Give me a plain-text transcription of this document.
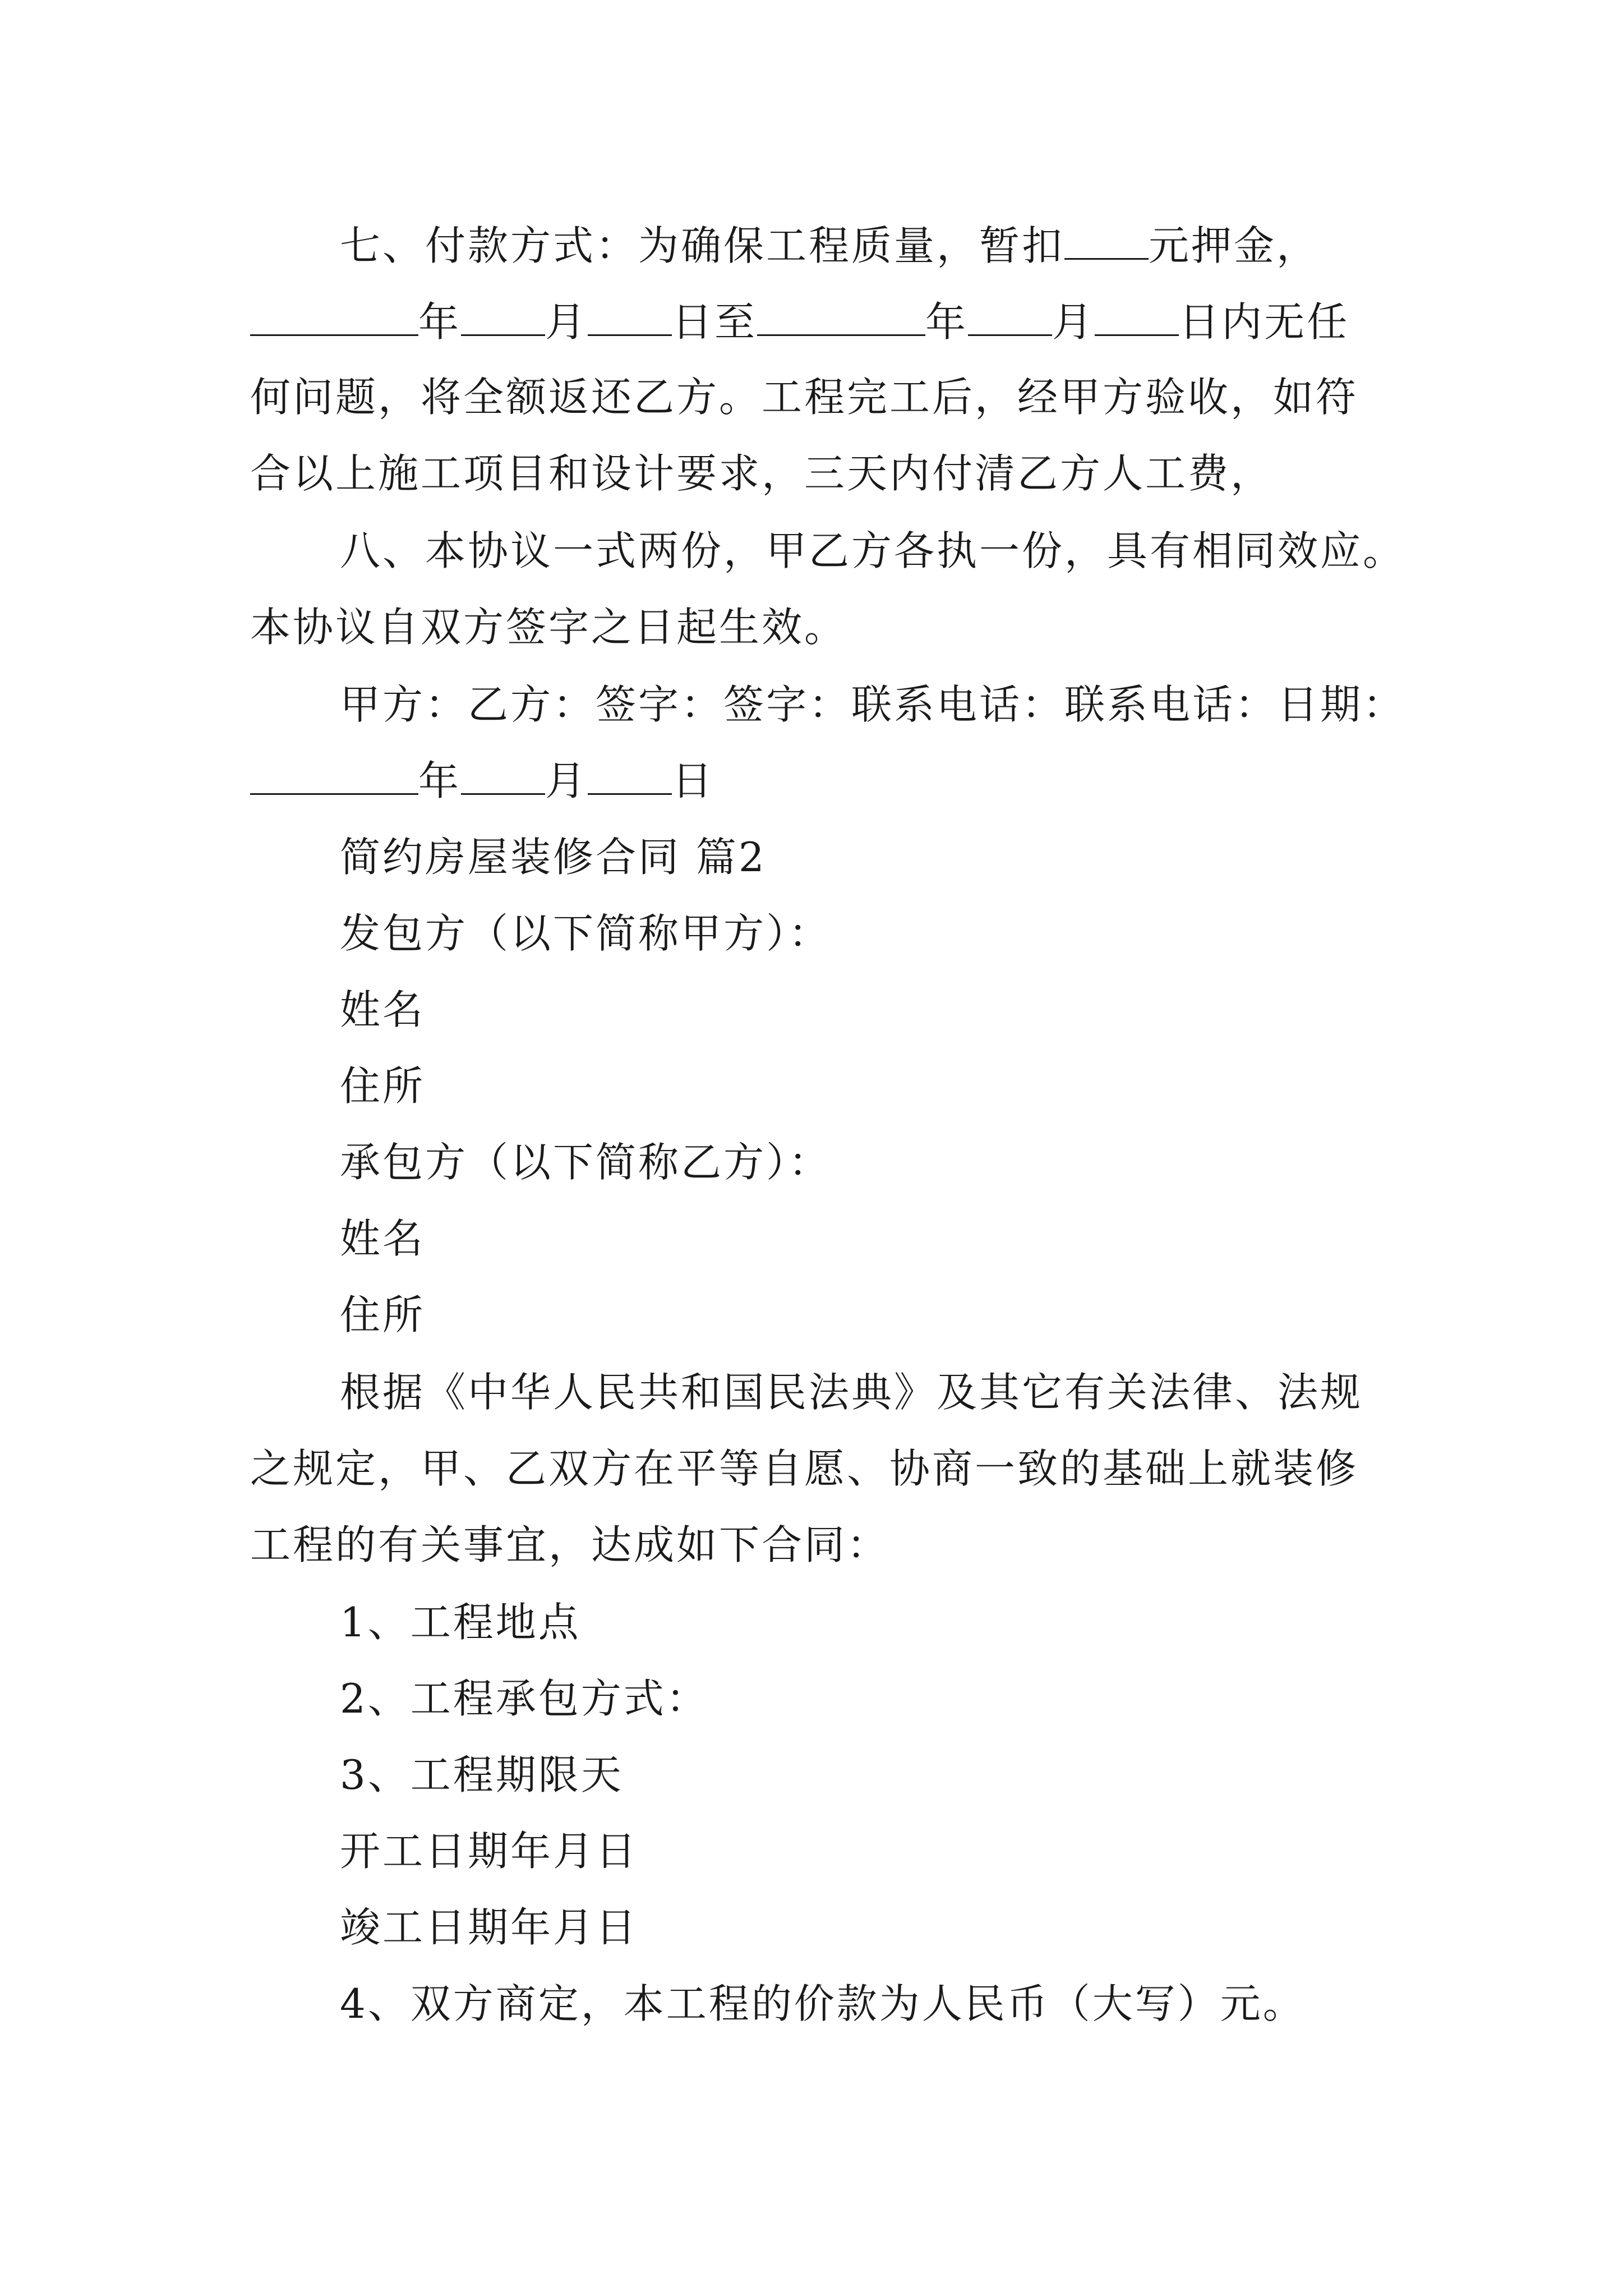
七、付款方式：为确保工程质量，暂扣 元押金，
年 月 日至	年 月 日内无任
何问题，将全额返还乙方。工程完工后，经甲方验收，如符
合以上施工项目和设计要求，三天内付清乙方人工费，
八、本协议一式两份，甲乙方各执一份，具有相同效应。
本协议自双方签字之日起生效。
甲方：乙方：签字：签字：联系电话：联系电话：日期：
年 月 日
简约房屋装修合同 篇2
发包方（以下简称甲方）：
姓名
住所
承包方（以下简称乙方）：
姓名
住所
根据《中华人民共和国民法典》及其它有关法律、法规
之规定，甲、乙双方在平等自愿、协商一致的基础上就装修
工程的有关事宜，达成如下合同：
1、工程地点
2、工程承包方式：
3、工程期限天
开工日期年月日
竣工日期年月日
4、双方商定，本工程的价款为人民币（大写）元。
